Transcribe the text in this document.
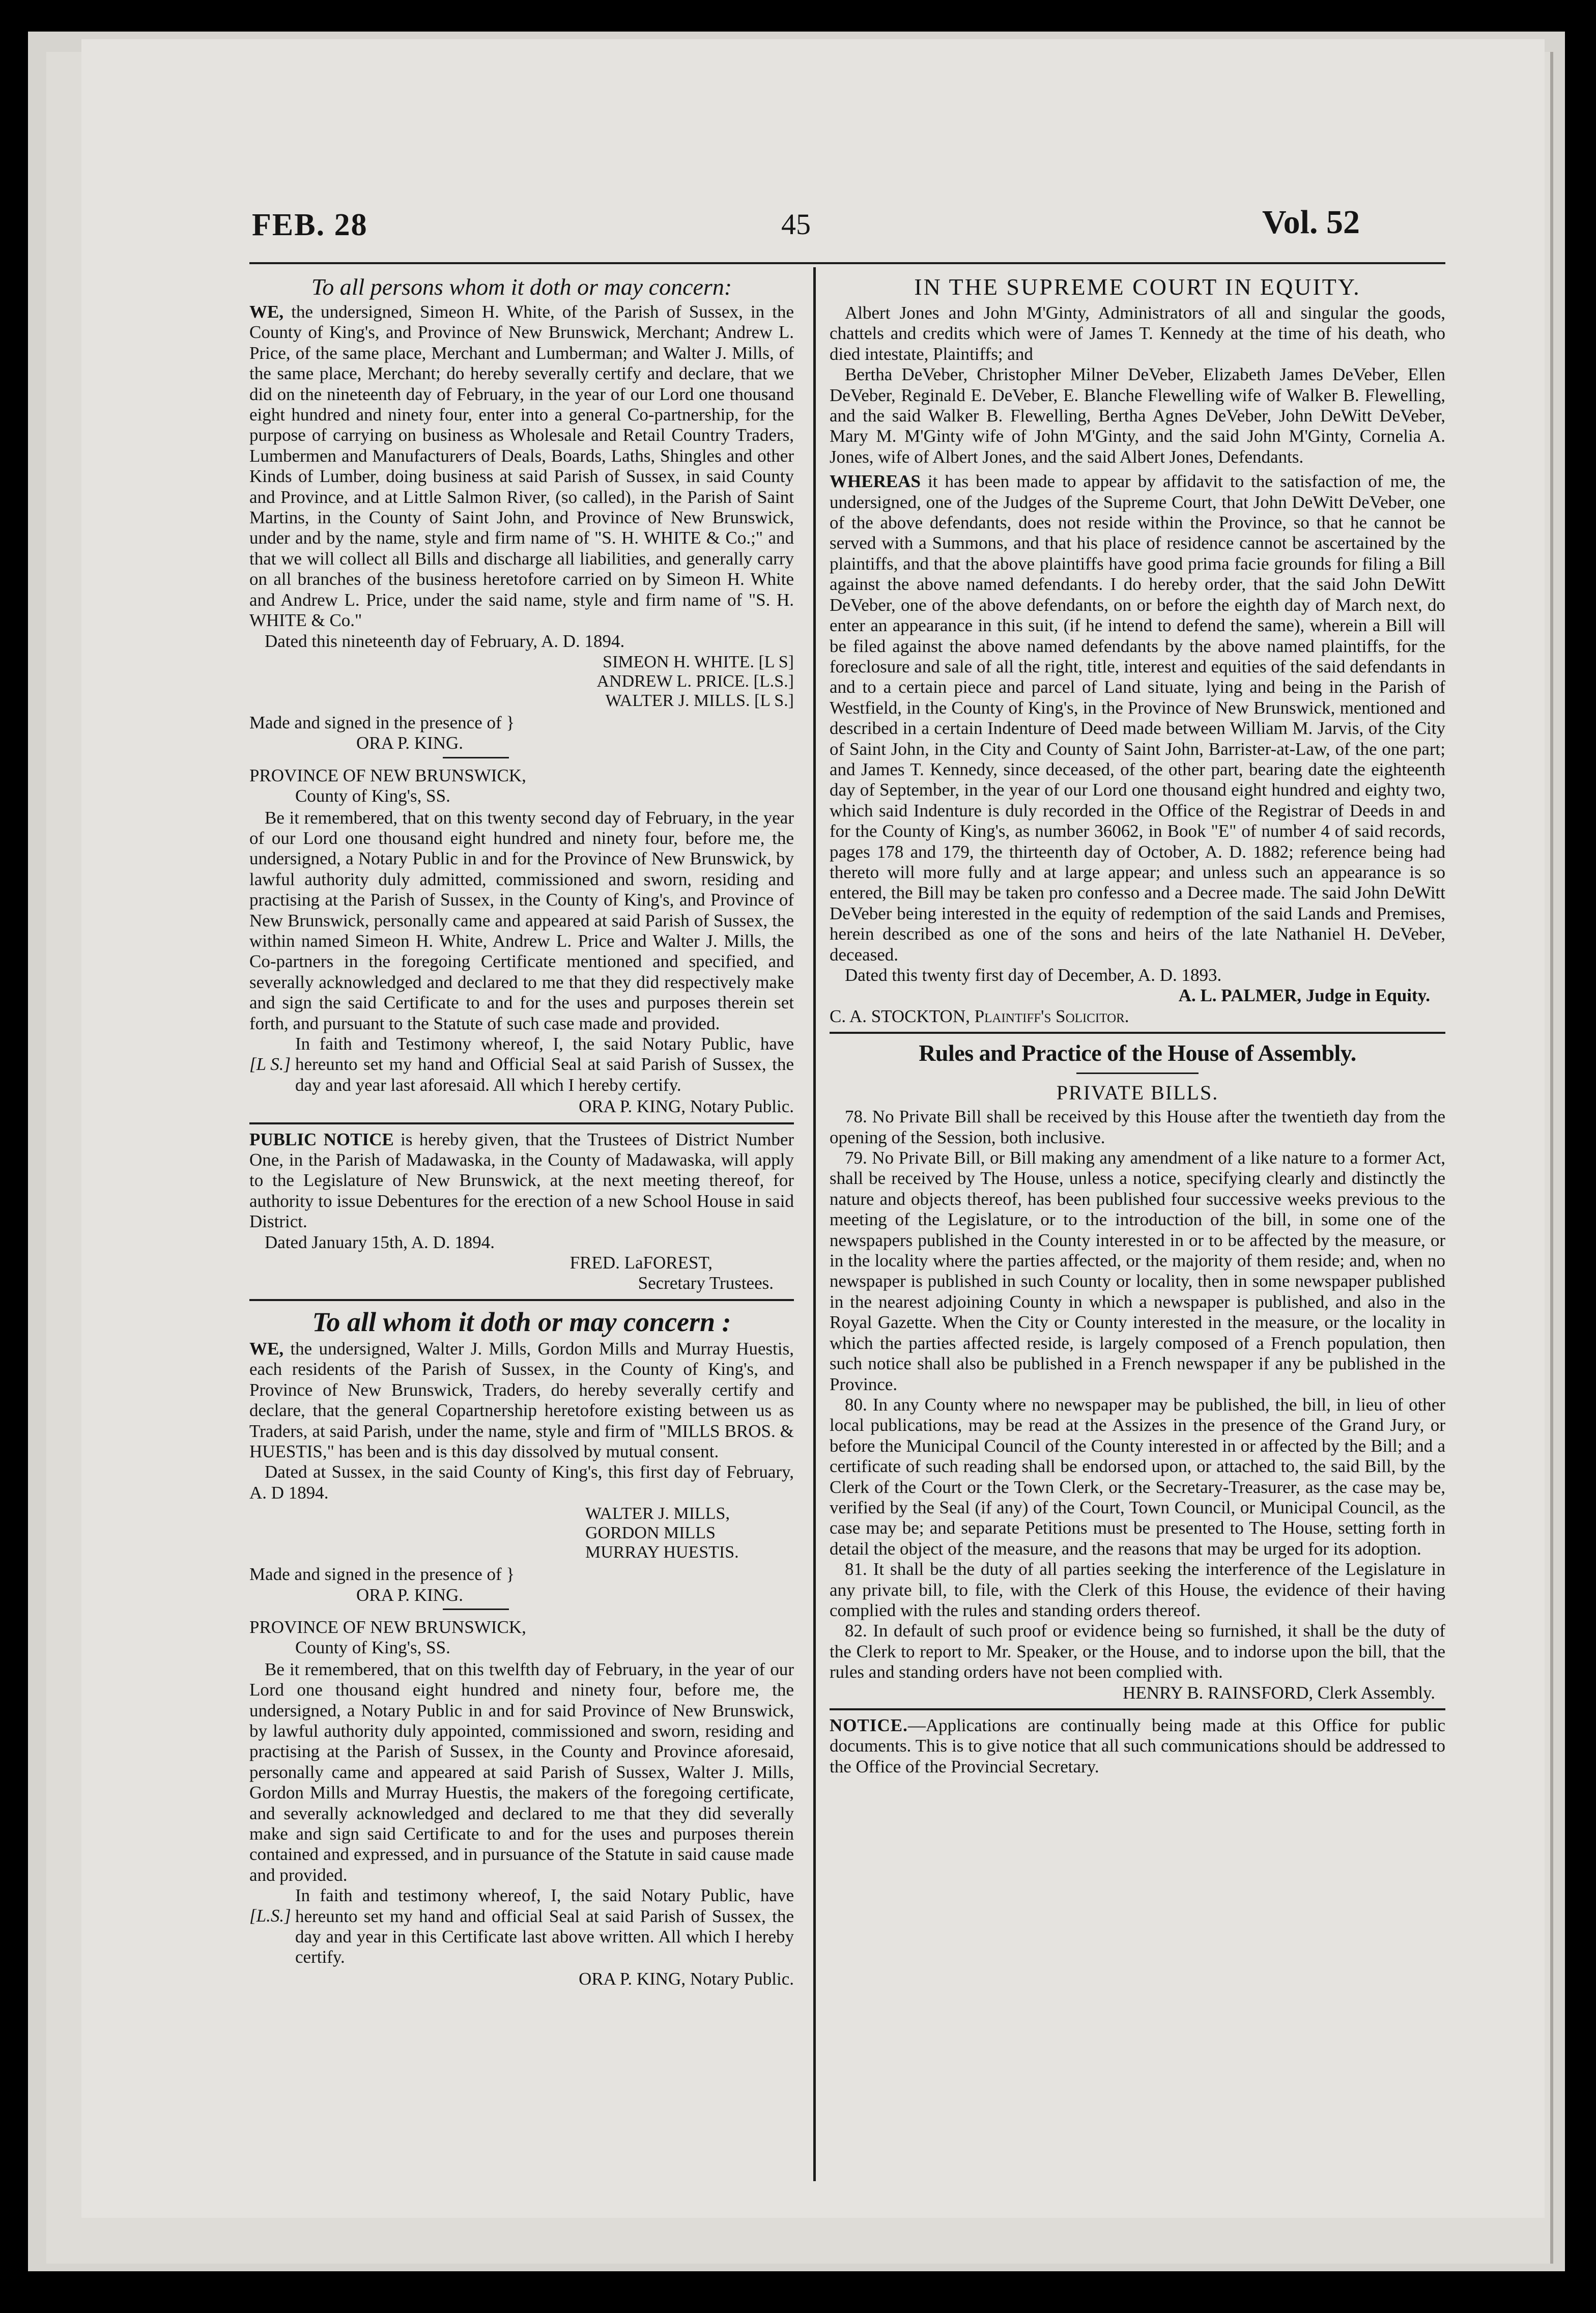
FEB. 28	45	Vol. 52

To all persons whom it doth or may concern:

WE, the undersigned, Simeon H. White, of the Parish of Sussex, in the County of King's, and Province of New Brunswick, Merchant; Andrew L. Price, of the same place, Merchant and Lumberman; and Walter J. Mills, of the same place, Merchant; do hereby severally certify and declare, that we did on the nineteenth day of February, in the year of our Lord one thousand eight hundred and ninety four, enter into a general Co-partnership, for the purpose of carrying on business as Wholesale and Retail Country Traders, Lumbermen and Manufacturers of Deals, Boards, Laths, Shingles and other Kinds of Lumber, doing business at said Parish of Sussex, in said County and Province, and at Little Salmon River, (so called), in the Parish of Saint Martins, in the County of Saint John, and Province of New Brunswick, under and by the name, style and firm name of "S. H. WHITE & Co.;" and that we will collect all Bills and discharge all liabilities, and generally carry on all branches of the business heretofore carried on by Simeon H. White and Andrew L. Price, under the said name, style and firm name of "S. H. WHITE & Co."

Dated this nineteenth day of February, A. D. 1894.

SIMEON H. WHITE. [L S]
ANDREW L. PRICE. [L.S.]
WALTER J. MILLS. [L S.]
Made and signed in the presence of }
ORA P. KING.

PROVINCE OF NEW BRUNSWICK,

County of King's, SS.

Be it remembered, that on this twenty second day of February, in the year of our Lord one thousand eight hundred and ninety four, before me, the undersigned, a Notary Public in and for the Province of New Brunswick, by lawful authority duly admitted, commissioned and sworn, residing and practising at the Parish of Sussex, in the County of King's, and Province of New Brunswick, personally came and appeared at said Parish of Sussex, the within named Simeon H. White, Andrew L. Price and Walter J. Mills, the Co-partners in the foregoing Certificate mentioned and specified, and severally acknowledged and declared to me that they did respectively make and sign the said Certificate to and for the uses and purposes therein set forth, and pursuant to the Statute of such case made and provided.

[L S.]
In faith and Testimony whereof, I, the said Notary Public, have hereunto set my hand and Official Seal at said Parish of Sussex, the day and year last aforesaid. All which I hereby certify.

ORA P. KING, Notary Public.

PUBLIC NOTICE is hereby given, that the Trustees of District Number One, in the Parish of Madawaska, in the County of Madawaska, will apply to the Legislature of New Brunswick, at the next meeting thereof, for authority to issue Debentures for the erection of a new School House in said District.

Dated January 15th, A. D. 1894.

FRED. LaFOREST,

Secretary Trustees.

To all whom it doth or may concern :

WE, the undersigned, Walter J. Mills, Gordon Mills and Murray Huestis, each residents of the Parish of Sussex, in the County of King's, and Province of New Brunswick, Traders, do hereby severally certify and declare, that the general Copartnership heretofore existing between us as Traders, at said Parish, under the name, style and firm of "MILLS BROS. & HUESTIS," has been and is this day dissolved by mutual consent.

Dated at Sussex, in the said County of King's, this first day of February, A. D 1894.

WALTER J. MILLS,
GORDON MILLS
MURRAY HUESTIS.
Made and signed in the presence of }
ORA P. KING.

PROVINCE OF NEW BRUNSWICK,

County of King's, SS.

Be it remembered, that on this twelfth day of February, in the year of our Lord one thousand eight hundred and ninety four, before me, the undersigned, a Notary Public in and for said Province of New Brunswick, by lawful authority duly appointed, commissioned and sworn, residing and practising at the Parish of Sussex, in the County and Province aforesaid, personally came and appeared at said Parish of Sussex, Walter J. Mills, Gordon Mills and Murray Huestis, the makers of the foregoing certificate, and severally acknowledged and declared to me that they did severally make and sign said Certificate to and for the uses and purposes therein contained and expressed, and in pursuance of the Statute in said cause made and provided.

[L.S.]
In faith and testimony whereof, I, the said Notary Public, have hereunto set my hand and official Seal at said Parish of Sussex, the day and year in this Certificate last above written. All which I hereby certify.

ORA P. KING, Notary Public.

IN THE SUPREME COURT IN EQUITY.

Albert Jones and John M'Ginty, Administrators of all and singular the goods, chattels and credits which were of James T. Kennedy at the time of his death, who died intestate, Plaintiffs; and

Bertha DeVeber, Christopher Milner DeVeber, Elizabeth James DeVeber, Ellen DeVeber, Reginald E. DeVeber, E. Blanche Flewelling wife of Walker B. Flewelling, and the said Walker B. Flewelling, Bertha Agnes DeVeber, John DeWitt DeVeber, Mary M. M'Ginty wife of John M'Ginty, and the said John M'Ginty, Cornelia A. Jones, wife of Albert Jones, and the said Albert Jones, Defendants.

WHEREAS it has been made to appear by affidavit to the satisfaction of me, the undersigned, one of the Judges of the Supreme Court, that John DeWitt DeVeber, one of the above defendants, does not reside within the Province, so that he cannot be served with a Summons, and that his place of residence cannot be ascertained by the plaintiffs, and that the above plaintiffs have good prima facie grounds for filing a Bill against the above named defendants. I do hereby order, that the said John DeWitt DeVeber, one of the above defendants, on or before the eighth day of March next, do enter an appearance in this suit, (if he intend to defend the same), wherein a Bill will be filed against the above named defendants by the above named plaintiffs, for the foreclosure and sale of all the right, title, interest and equities of the said defendants in and to a certain piece and parcel of Land situate, lying and being in the Parish of Westfield, in the County of King's, in the Province of New Brunswick, mentioned and described in a certain Indenture of Deed made between William M. Jarvis, of the City of Saint John, in the City and County of Saint John, Barrister-at-Law, of the one part; and James T. Kennedy, since deceased, of the other part, bearing date the eighteenth day of September, in the year of our Lord one thousand eight hundred and eighty two, which said Indenture is duly recorded in the Office of the Registrar of Deeds in and for the County of King's, as number 36062, in Book "E" of number 4 of said records, pages 178 and 179, the thirteenth day of October, A. D. 1882; reference being had thereto will more fully and at large appear; and unless such an appearance is so entered, the Bill may be taken pro confesso and a Decree made. The said John DeWitt DeVeber being interested in the equity of redemption of the said Lands and Premises, herein described as one of the sons and heirs of the late Nathaniel H. DeVeber, deceased.

Dated this twenty first day of December, A. D. 1893.

A. L. PALMER, Judge in Equity.

C. A. STOCKTON, Plaintiff's Solicitor.

Rules and Practice of the House of Assembly.

PRIVATE BILLS.

78. No Private Bill shall be received by this House after the twentieth day from the opening of the Session, both inclusive.

79. No Private Bill, or Bill making any amendment of a like nature to a former Act, shall be received by The House, unless a notice, specifying clearly and distinctly the nature and objects thereof, has been published four successive weeks previous to the meeting of the Legislature, or to the introduction of the bill, in some one of the newspapers published in the County interested in or to be affected by the measure, or in the locality where the parties affected, or the majority of them reside; and, when no newspaper is published in such County or locality, then in some newspaper published in the nearest adjoining County in which a newspaper is published, and also in the Royal Gazette. When the City or County interested in the measure, or the locality in which the parties affected reside, is largely composed of a French population, then such notice shall also be published in a French newspaper if any be published in the Province.

80. In any County where no newspaper may be published, the bill, in lieu of other local publications, may be read at the Assizes in the presence of the Grand Jury, or before the Municipal Council of the County interested in or affected by the Bill; and a certificate of such reading shall be endorsed upon, or attached to, the said Bill, by the Clerk of the Court or the Town Clerk, or the Secretary-Treasurer, as the case may be, verified by the Seal (if any) of the Court, Town Council, or Municipal Council, as the case may be; and separate Petitions must be presented to The House, setting forth in detail the object of the measure, and the reasons that may be urged for its adoption.

81. It shall be the duty of all parties seeking the interference of the Legislature in any private bill, to file, with the Clerk of this House, the evidence of their having complied with the rules and standing orders thereof.

82. In default of such proof or evidence being so furnished, it shall be the duty of the Clerk to report to Mr. Speaker, or the House, and to indorse upon the bill, that the rules and standing orders have not been complied with.

HENRY B. RAINSFORD, Clerk Assembly.

NOTICE.—Applications are continually being made at this Office for public documents. This is to give notice that all such communications should be addressed to the Office of the Provincial Secretary.
